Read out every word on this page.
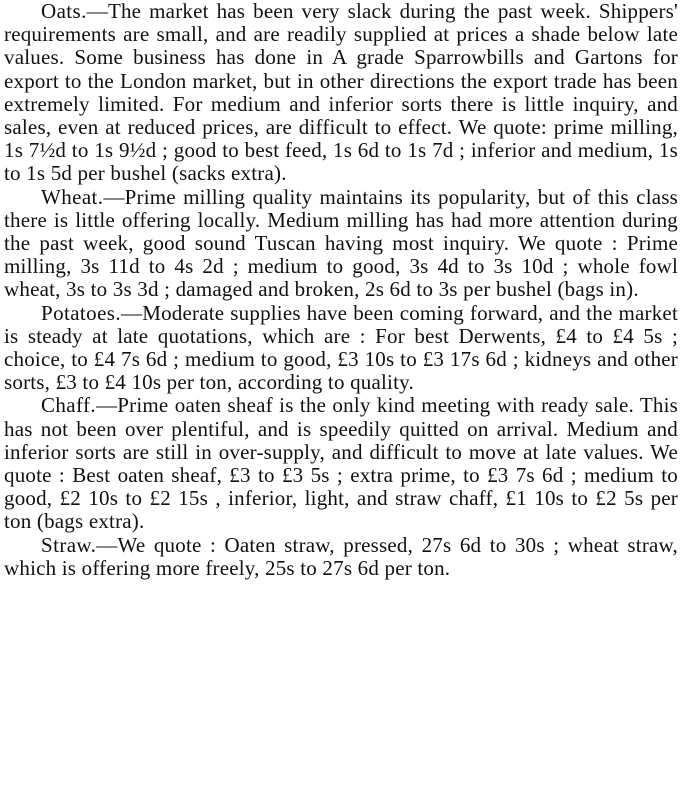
Oats.—The market has been very slack during the past week. Shippers' requirements are small, and are readily supplied at prices a shade below late values. Some business has done in A grade Sparrowbills and Gartons for export to the London market, but in other directions the export trade has been extremely limited. For medium and inferior sorts there is little inquiry, and sales, even at reduced prices, are difficult to effect. We quote: prime milling, 1s 7½d to 1s 9½d ; good to best feed, 1s 6d to 1s 7d ; inferior and medium, 1s to 1s 5d per bushel (sacks extra).

Wheat.—Prime milling quality maintains its popularity, but of this class there is little offering locally. Medium milling has had more attention during the past week, good sound Tuscan having most inquiry. We quote : Prime milling, 3s 11d to 4s 2d ; medium to good, 3s 4d to 3s 10d ; whole fowl wheat, 3s to 3s 3d ; damaged and broken, 2s 6d to 3s per bushel (bags in).

Potatoes.—Moderate supplies have been coming forward, and the market is steady at late quotations, which are : For best Derwents, £4 to £4 5s ; choice, to £4 7s 6d ; medium to good, £3 10s to £3 17s 6d ; kidneys and other sorts, £3 to £4 10s per ton, according to quality.

Chaff.—Prime oaten sheaf is the only kind meeting with ready sale. This has not been over plentiful, and is speedily quitted on arrival. Medium and inferior sorts are still in over-supply, and difficult to move at late values. We quote : Best oaten sheaf, £3 to £3 5s ; extra prime, to £3 7s 6d ; medium to good, £2 10s to £2 15s , inferior, light, and straw chaff, £1 10s to £2 5s per ton (bags extra).

Straw.—We quote : Oaten straw, pressed, 27s 6d to 30s ; wheat straw, which is offering more freely, 25s to 27s 6d per ton.
